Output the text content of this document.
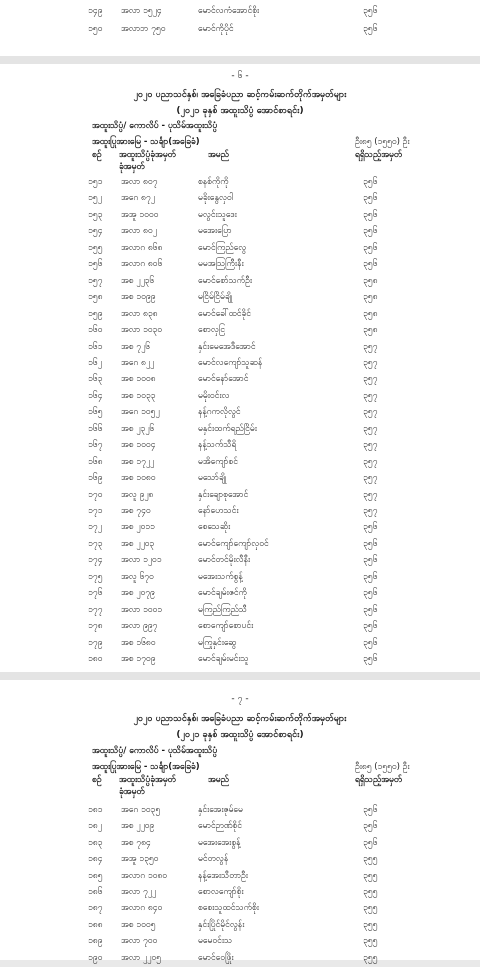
၁၄၉	အလာ ၁၅၂၄	မောင်လကံအောင်စိုး	၃၅၆
၁၅၀	အလာဘ ၇၅၀	မောင်ကိုပိုင်	၃၅၆
- ၆ -
၂၀၂၀ ပညာသင်နှစ်၊ အခြေခံပညာ ဆင့်ကမ်းဆက်တိုက်အမှတ်များ
(၂၀၂၁ ခုနှစ် အထူးသိပ္ပံ အောင်စာရင်း)
အထူးသိပ္ပံ/ ကောလိပ် - ပုသိမ်အထူးသိပ္ပံ
အထူးပြုအားမြေ - သင်္ချာ(အခြေခံ)	ဦး၈၅ (၁၅၅၀) ဦး
စဉ် အထူးသိပ္ပံခုံအမှတ်
ခုံအမှတ်
အမည်	ရရှိသည့်အမှတ်
၁၅၁	အလာ ၈၀၇	စနစ်ကိုကို	၃၅၆
၁၅၂	အဂေ ၈၇၂	မခိုးနွေလှ၀ါ	၃၅၆
၁၅၃	အအူ ၁၀၀၀	မလွင်းသူဒေး	၃၅၆
၁၅၄	အလာ ၈၀၂	မအေးပြော	၃၅၆
၁၅၅	အလာဂ ၈၆၈	မောင်ကြည်လွေ	၃၅၆
၁၅၆	အလာဂ ၈၀၆	မမအဩကြီးနီး	၃၅၆
၁၅၇	အစ ၂၂၃၆	မောင်စော်သက်ဦး	၃၅၈
၁၅၈	အစ ၁၀၉၉	မငြိမ်ငြိမ်ချို	၃၅၈
၁၅၉	အလာ ၈၃၈	မောင်ခေါ်ထင်ခိုင်	၃၅၈
၁၆၀	အလာ ၁၀၃၀	စောလှငြ	၃၅၈
၁၆၁	အစ ၇၂၆	နှင်းမေအေဒီအောင်	၃၅၇
၁၆၂	အဂေ ၈၂၂	မောင်လကျော်သူဆန်	၃၅၇
၁၆၃	အစ ၁၀၀၈	မောင်နော်အောင်	၃၅၇
၁၆၄	အစ ၁၀၃၃	မမိုးဝင်းလ	၃၅၇
၁၆၅	အဂေ ၁၀၅၂	နန့်ဂကလိုလွင်	၃၅၇
၁၆၆	အစ ၂၃၂၆	မနှင်းထက်ရည်ငြိမ်း	၃၅၇
၁၆၇	အစ ၁၀၀၄	နန့်သက်သီရိ	၃၅၇
၁၆၈	အစ ၁၇၂၂	မအိကျော်စင်	၃၅၇
၁၆၉	အစ ၁၀၈၀	မသော်ချို	၃၅၇
၁၇၀	အလူ ၉၂၈	နှင်းချောစုအောင်	၃၅၇
၁၇၁	အစ ၇၄၀	နော်ဟေသင်း	၃၅၇
၁၇၂	အစ ၂၀၁၁	စေသေဆိုး	၃၅၆
၁၇၃	အစ ၂၂၀၃	မောင်ကျော်ကျော်လှ၀င်	၃၅၆
၁၇၄	အလာ ၁၂၀၁	မောင်တင်မိုးလီနီး	၃၅၆
၁၇၅	အလူ ၆၇၀	မအေးသက်စွန့်	၃၅၆
၁၇၆	အစ ၂၀၇၉	မောင်ချမ်းဇင်ကို	၃၅၆
၁၇၇	အလာ ၁၀၀၁	မကြည်ကြည်သီ	၃၅၆
၁၇၈	အလာ ၉၉၇	စောကျော်စောပင်း	၃၅၆
၁၇၉	အစ ၁၆၈၀	မကြုနှင်းဆွေ	၃၅၆
၁၈၀	အစ ၁၇၀၉	မောင်ချမ်းမင်းသူ	၃၅၆
- ၇ -
၂၀၂၀ ပညာသင်နှစ်၊ အခြေခံပညာ ဆင့်ကမ်းဆက်တိုက်အမှတ်များ
(၂၀၂၁ ခုနှစ် အထူးသိပ္ပံ အောင်စာရင်း)
အထူးသိပ္ပံ/ ကောလိပ် - ပုသိမ်အထူးသိပ္ပံ
အထူးပြုအားမြေ - သင်္ချာ(အခြေခံ)	ဦး၈၅ (၁၅၅၀) ဦး
စဉ် အထူးသိပ္ပံခုံအမှတ်
ခုံအမှတ်
အမည်	ရရှိသည့်အမှတ်
၁၈၁	အဂေ ၁၀၃၅	နှင်းအေးဇုမ်မေ	၃၅၆
၁၈၂	အစ ၂၂၀၉	မောင်ဉာဏ်စိုင်	၃၅၆
၁၈၃	အစ ၇၈၄	မအေးအေးစွန့်	၃၅၆
၁၈၄	အအူ ၁၃၅၀	မင်တလွန်	၃၅၅
၁၈၅	အလာဂ ၁၀၈၀	နန့်အေးသီတာဦး	၃၅၅
၁၈၆	အလာ ၇၂၂	စောလကျော်စိုး	၃၅၅
၁၈၇	အလာဂ ၈၄၀	စစေးသူထင်သက်စိုး	၃၅၅
၁၈၈	အစ ၁၀၀၅	နှင်းပြိုင်မိုင်လွန်း	၃၅၅
၁၈၉	အလာ ၇၀၀	မမေဝင်းသ	၃၅၅
၁၉၀	အလာ ၂၂၀၅	မောင်ဝေဖြိုး	၃၅၅
